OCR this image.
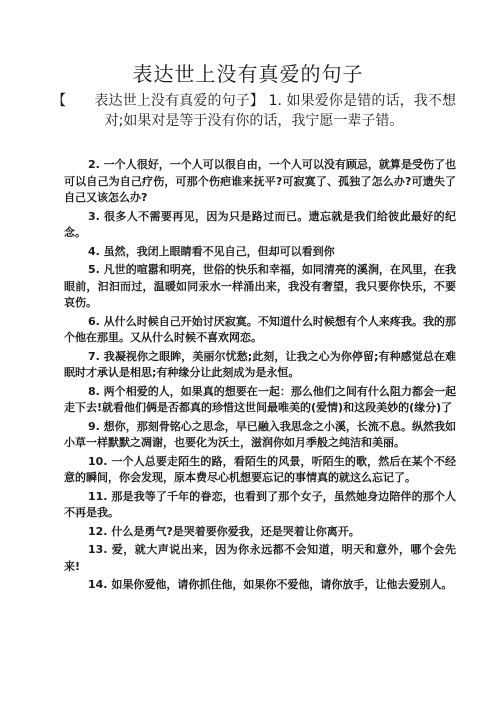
表达世上没有真爱的句子
【　　表达世上没有真爱的句子】 1. 如果爱你是错的话，我不想对;如果对是等于没有你的话，我宁愿一辈子错。

2. 一个人很好，一个人可以很自由，一个人可以没有顾忌，就算是受伤了也可以自己为自己疗伤，可那个伤疤谁来抚平?可寂寞了、孤独了怎么办?可遗失了自己又该怎么办?

3. 很多人不需要再见，因为只是路过而已。遗忘就是我们给彼此最好的纪念。

4. 虽然，我闭上眼睛看不见自己，但却可以看到你

5. 凡世的喧嚣和明亮，世俗的快乐和幸福，如同清亮的溪涧，在风里，在我眼前，汩汩而过，温暖如同汞水一样涌出来，我没有奢望，我只要你快乐，不要哀伤。

6. 从什么时候自己开始讨厌寂寞。不知道什么时候想有个人来疼我。我的那个他在那里。又从什么时候不喜欢网恋。

7. 我凝视你之眼眸，美丽尔忧愁;此刻，让我之心为你停留;有种感觉总在难眠时才承认是相思;有种缘分让此刻成为是永恒。

8. 两个相爱的人，如果真的想要在一起：那么他们之间有什么阻力都会一起走下去!就看他们俩是否都真的珍惜这世间最唯美的(爱情)和这段美妙的(缘分)了

9. 想你，那刻骨铭心之思念，早已融入我思念之小溪，长流不息。纵然我如小草一样默默之凋谢，也要化为沃土，滋润你如月季般之纯洁和美丽。

10. 一个人总要走陌生的路，看陌生的风景，听陌生的歌，然后在某个不经意的瞬间，你会发现，原本费尽心机想要忘记的事情真的就这么忘记了。

11. 那是我等了千年的眷恋，也看到了那个女子，虽然她身边陪伴的那个人不再是我。

12. 什么是勇气?是哭着要你爱我，还是哭着让你离开。

13. 爱，就大声说出来，因为你永远都不会知道，明天和意外，哪个会先来!

14. 如果你爱他，请你抓住他，如果你不爱他，请你放手，让他去爱别人。
